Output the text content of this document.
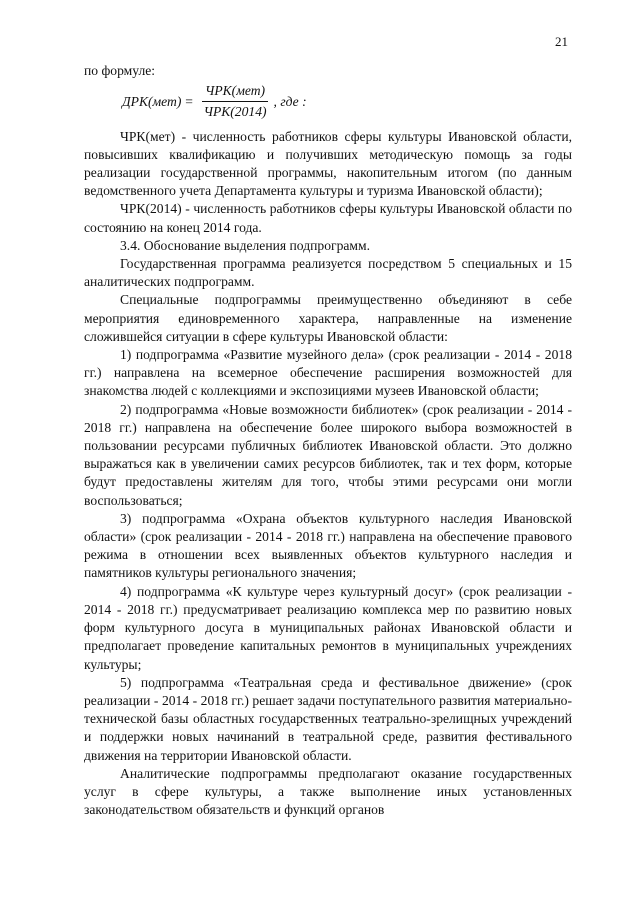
21

по формуле:

$ДРК(мет) = \frac{\text{ЧРК(мет)}}{\text{ЧРК(2014)}}$ , где :

ЧРК(мет) - численность работников сферы культуры Ивановской области, повысивших квалификацию и получивших методическую помощь за годы реализации государственной программы, накопительным итогом (по данным ведомственного учета Департамента культуры и туризма Ивановской области);

ЧРК(2014) - численность работников сферы культуры Ивановской области по состоянию на конец 2014 года.

3.4. Обоснование выделения подпрограмм.

Государственная программа реализуется посредством 5 специальных и 15 аналитических подпрограмм.

Специальные подпрограммы преимущественно объединяют в себе мероприятия единовременного характера, направленные на изменение сложившейся ситуации в сфере культуры Ивановской области:

1) подпрограмма «Развитие музейного дела» (срок реализации - 2014 - 2018 гг.) направлена на всемерное обеспечение расширения возможностей для знакомства людей с коллекциями и экспозициями музеев Ивановской области;

2) подпрограмма «Новые возможности библиотек» (срок реализации - 2014 - 2018 гг.) направлена на обеспечение более широкого выбора возможностей в пользовании ресурсами публичных библиотек Ивановской области. Это должно выражаться как в увеличении самих ресурсов библиотек, так и тех форм, которые будут предоставлены жителям для того, чтобы этими ресурсами они могли воспользоваться;

3) подпрограмма «Охрана объектов культурного наследия Ивановской области» (срок реализации - 2014 - 2018 гг.) направлена на обеспечение правового режима в отношении всех выявленных объектов культурного наследия и памятников культуры регионального значения;

4) подпрограмма «К культуре через культурный досуг» (срок реализации - 2014 - 2018 гг.) предусматривает реализацию комплекса мер по развитию новых форм культурного досуга в муниципальных районах Ивановской области и предполагает проведение капитальных ремонтов в муниципальных учреждениях культуры;

5) подпрограмма «Театральная среда и фестивальное движение» (срок реализации - 2014 - 2018 гг.) решает задачи поступательного развития материально-технической базы областных государственных театрально-зрелищных учреждений и поддержки новых начинаний в театральной среде, развития фестивального движения на территории Ивановской области.

Аналитические подпрограммы предполагают оказание государственных услуг в сфере культуры, а также выполнение иных установленных законодательством обязательств и функций органов
